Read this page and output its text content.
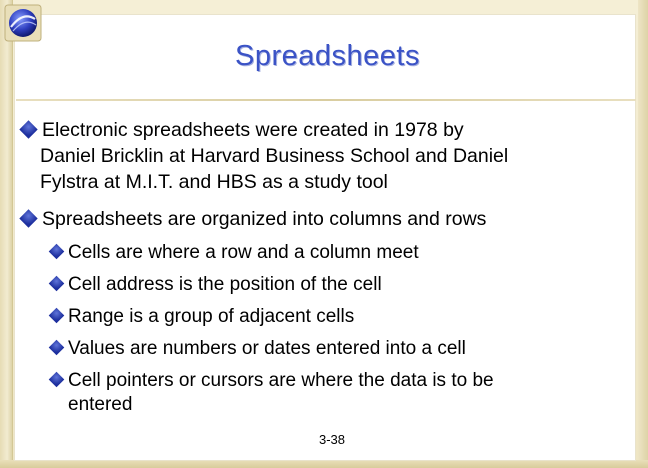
Spreadsheets
Electronic spreadsheets were created in 1978 by
Daniel Bricklin at Harvard Business School and Daniel
Fylstra at M.I.T. and HBS as a study tool
Spreadsheets are organized into columns and rows
Cells are where a row and a column meet
Cell address is the position of the cell
Range is a group of adjacent cells
Values are numbers or dates entered into a cell
Cell pointers or cursors are where the data is to be
entered
3-38
